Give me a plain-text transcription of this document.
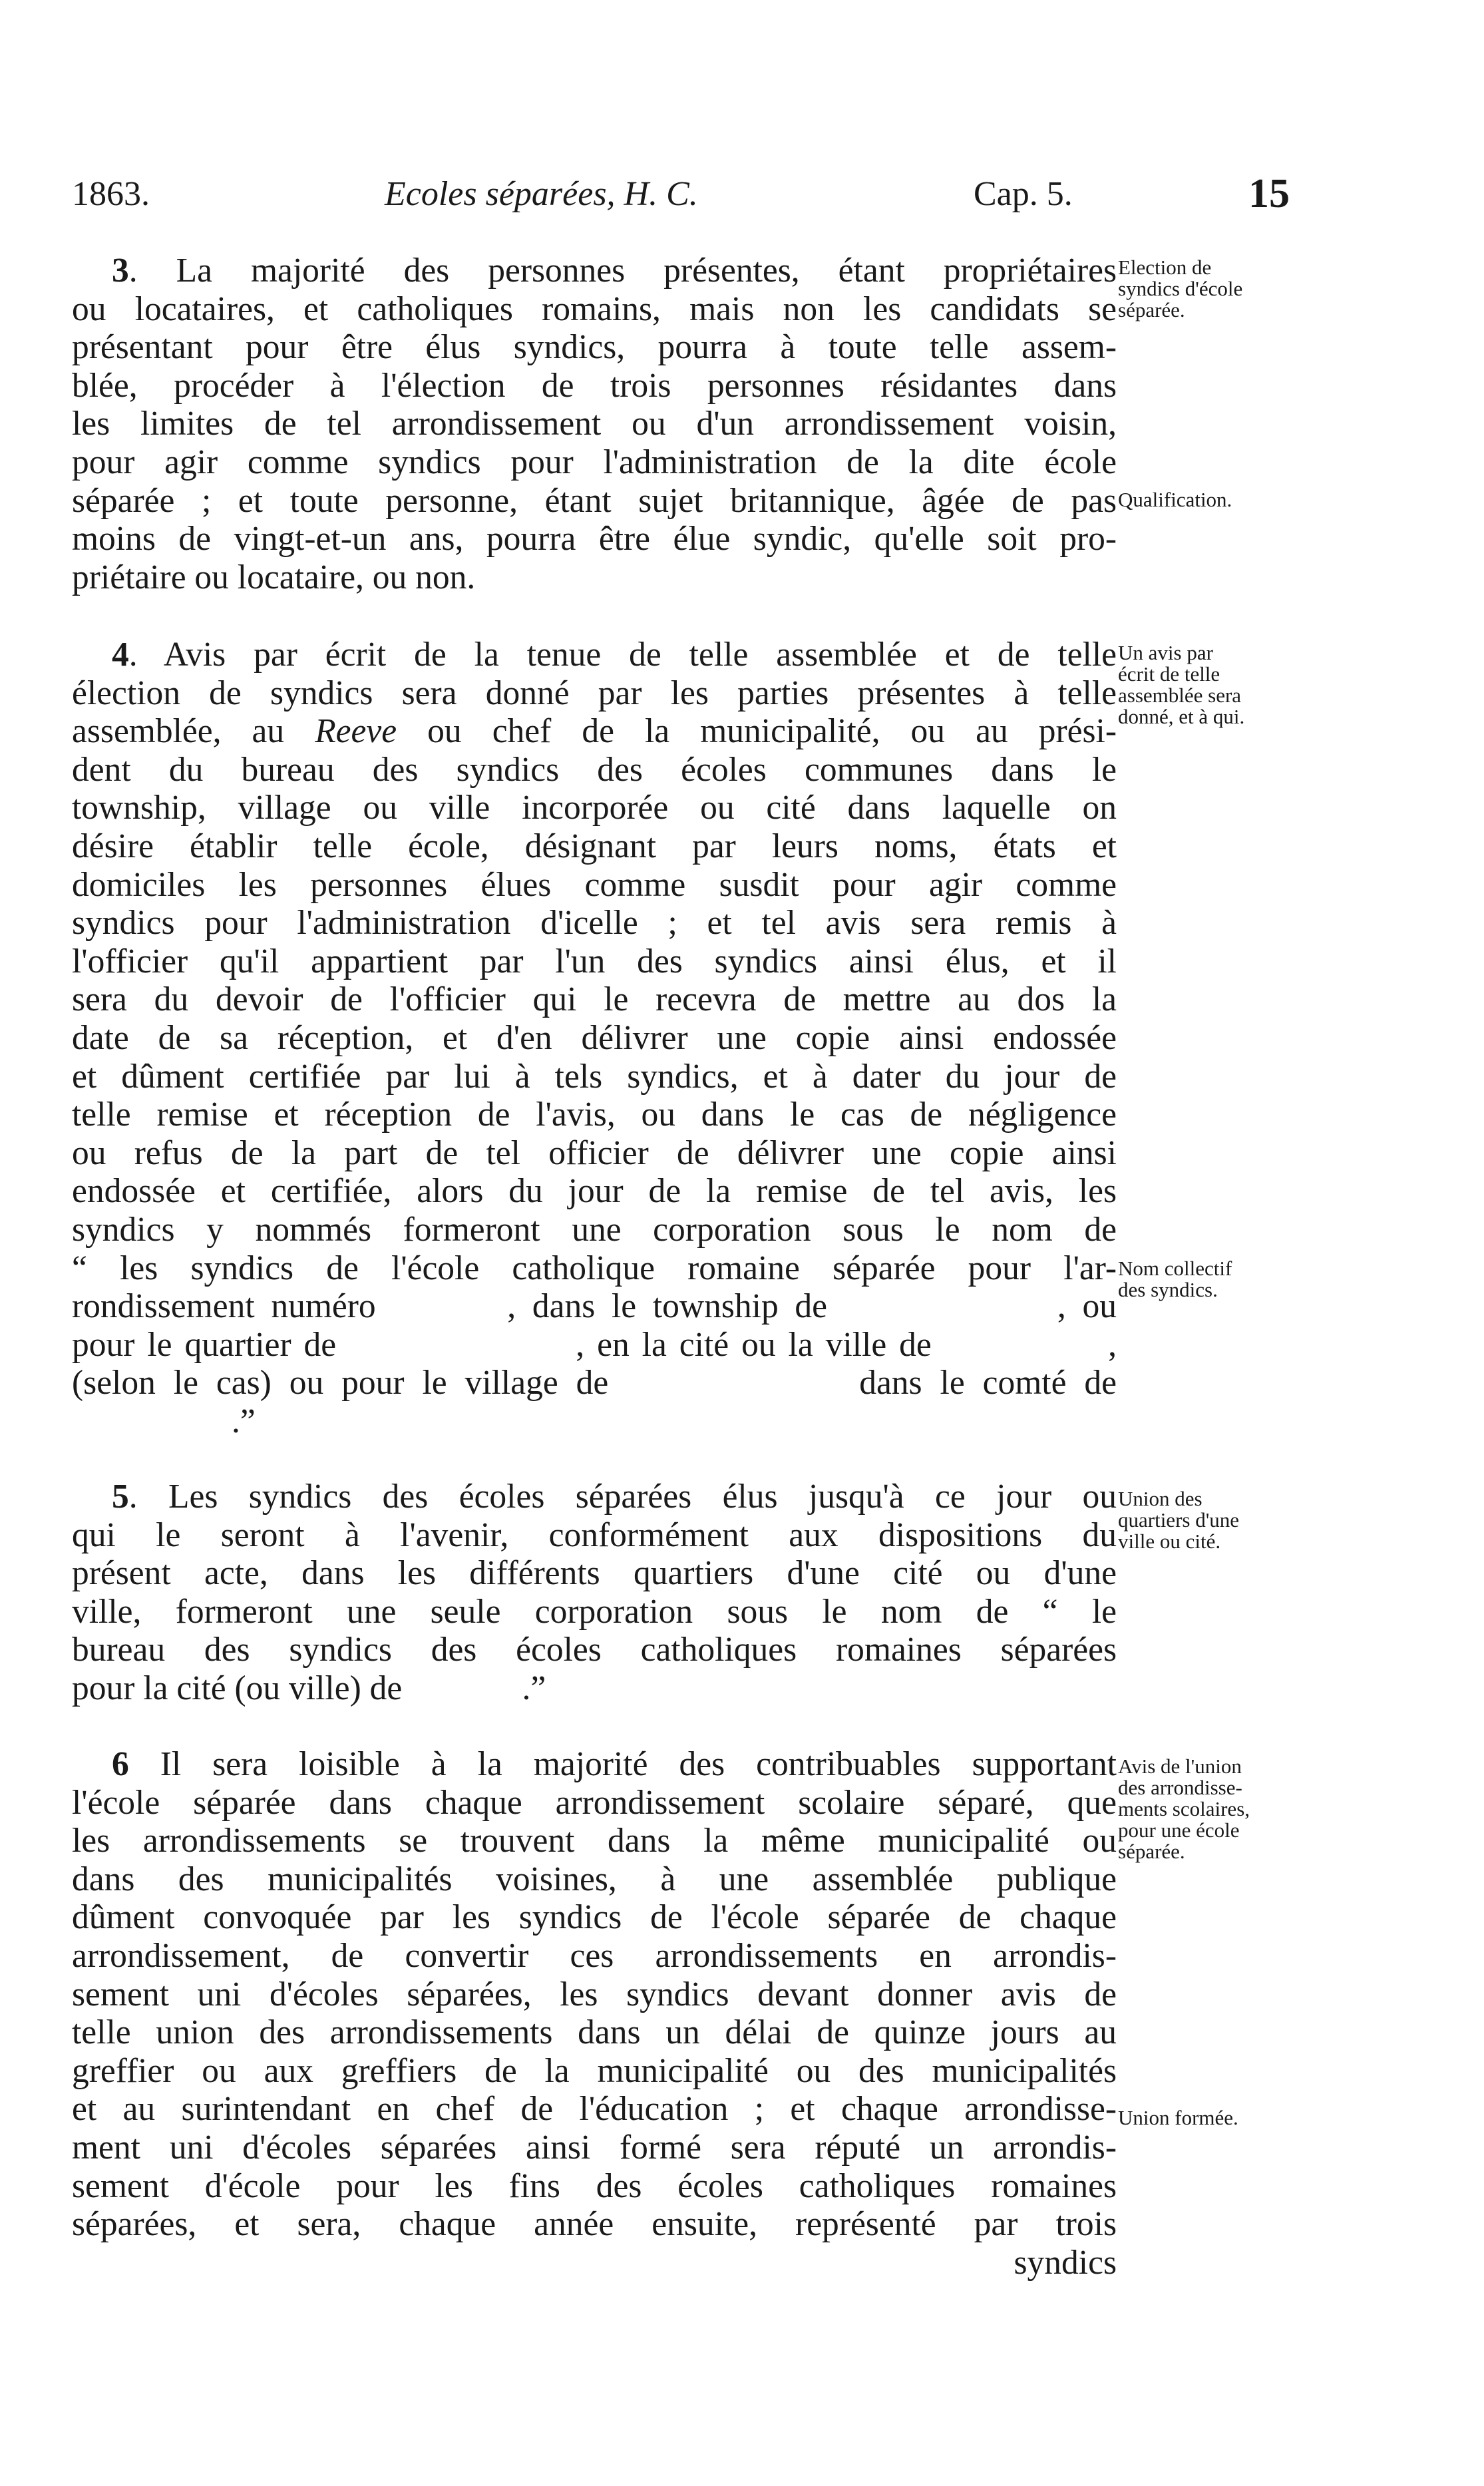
1863.	Ecoles séparées, H. C.	Cap. 5.	15
3. La majorité des personnes présentes, étant propriétaires
ou locataires, et catholiques romains, mais non les candidats se
présentant pour être élus syndics, pourra à toute telle assem-
blée, procéder à l'élection de trois personnes résidantes dans
les limites de tel arrondissement ou d'un arrondissement voisin,
pour agir comme syndics pour l'administration de la dite école
séparée ; et toute personne, étant sujet britannique, âgée de pas
moins de vingt-et-un ans, pourra être élue syndic, qu'elle soit pro-
priétaire ou locataire, ou non.
Election de
syndics d'école
séparée.
Qualification.
4. Avis par écrit de la tenue de telle assemblée et de telle
élection de syndics sera donné par les parties présentes à telle
assemblée, au Reeve ou chef de la municipalité, ou au prési-
dent du bureau des syndics des écoles communes dans le
township, village ou ville incorporée ou cité dans laquelle on
désire établir telle école, désignant par leurs noms, états et
domiciles les personnes élues comme susdit pour agir comme
syndics pour l'administration d'icelle ; et tel avis sera remis à
l'officier qu'il appartient par l'un des syndics ainsi élus, et il
sera du devoir de l'officier qui le recevra de mettre au dos la
date de sa réception, et d'en délivrer une copie ainsi endossée
et dûment certifiée par lui à tels syndics, et à dater du jour de
telle remise et réception de l'avis, ou dans le cas de négligence
ou refus de la part de tel officier de délivrer une copie ainsi
endossée et certifiée, alors du jour de la remise de tel avis, les
syndics y nommés formeront une corporation sous le nom de
“ les syndics de l'école catholique romaine séparée pour l'ar-
rondissement numéro        , dans le township de              , ou
pour le quartier de                   , en la cité ou la ville de              ,
(selon le cas) ou pour le village de              dans le comté de
.”
Un avis par
écrit de telle
assemblée sera
donné, et à qui.
Nom collectif
des syndics.
5. Les syndics des écoles séparées élus jusqu'à ce jour ou
qui le seront à l'avenir, conformément aux dispositions du
présent acte, dans les différents quartiers d'une cité ou d'une
ville, formeront une seule corporation sous le nom de “ le
bureau des syndics des écoles catholiques romaines séparées
pour la cité (ou ville) de              .”
Union des
quartiers d'une
ville ou cité.
6 Il sera loisible à la majorité des contribuables supportant
l'école séparée dans chaque arrondissement scolaire séparé, que
les arrondissements se trouvent dans la même municipalité ou
dans des municipalités voisines, à une assemblée publique
dûment convoquée par les syndics de l'école séparée de chaque
arrondissement, de convertir ces arrondissements en arrondis-
sement uni d'écoles séparées, les syndics devant donner avis de
telle union des arrondissements dans un délai de quinze jours au
greffier ou aux greffiers de la municipalité ou des municipalités
et au surintendant en chef de l'éducation ; et chaque arrondisse-
ment uni d'écoles séparées ainsi formé sera réputé un arrondis-
sement d'école pour les fins des écoles catholiques romaines
séparées, et sera, chaque année ensuite, représenté par trois
syndics
Avis de l'union
des arrondisse-
ments scolaires,
pour une école
séparée.
Union formée.
